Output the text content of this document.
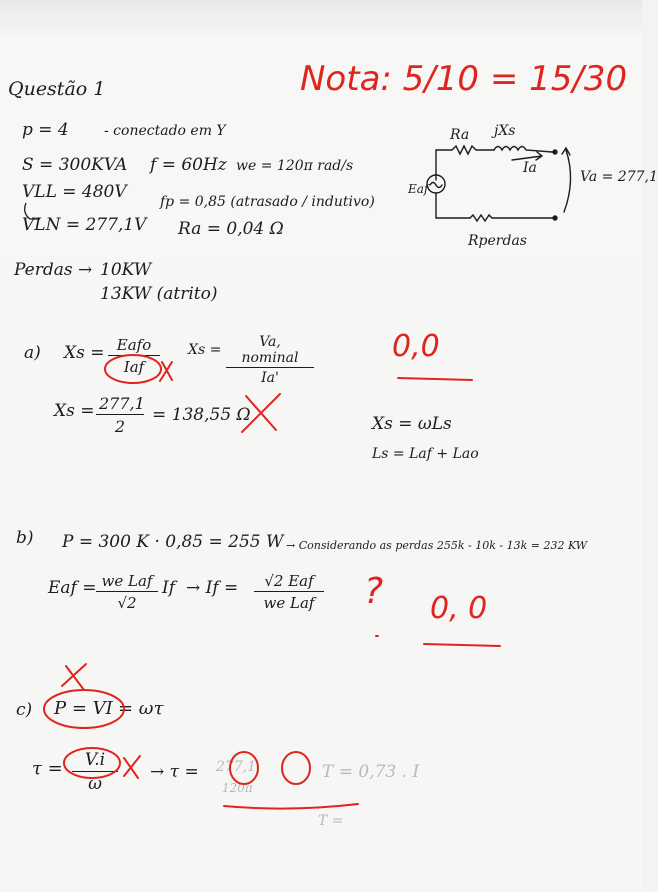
Questão 1	Nota: 5/10 = 15/30
p = 4	- conectado em Y
S = 300KVA f = 60Hz we = 120π rad/s
VLL = 480V fp = 0,85 (atrasado / indutivo)
VLN = 277,1V Ra = 0,04 Ω
Perdas → 10KW
13KW (atrito)
Ra jXs
Ia
Va = 277,1
Eaf
Rperdas
a) Xs = Eafo
Iaf
Xs =	Va, nominal
Ia'
$Xs = \frac{277,1}{2} = 138,55$ Ω	Xs = ωLs
Ls = Laf + Lao
0,0
b) P = 300 K · 0,85 = 255 W → Considerando as perdas 255k - 10k - 13k = 232 KW
Eaf = we Laf
√2
If → If =	√2 Eaf
we Laf ? 0, 0
c) P = VI = ωτ
$\tau = \frac{V.i}{\omega} \to \tau = 277,1$
120π
T = 0,73 . I
T =
